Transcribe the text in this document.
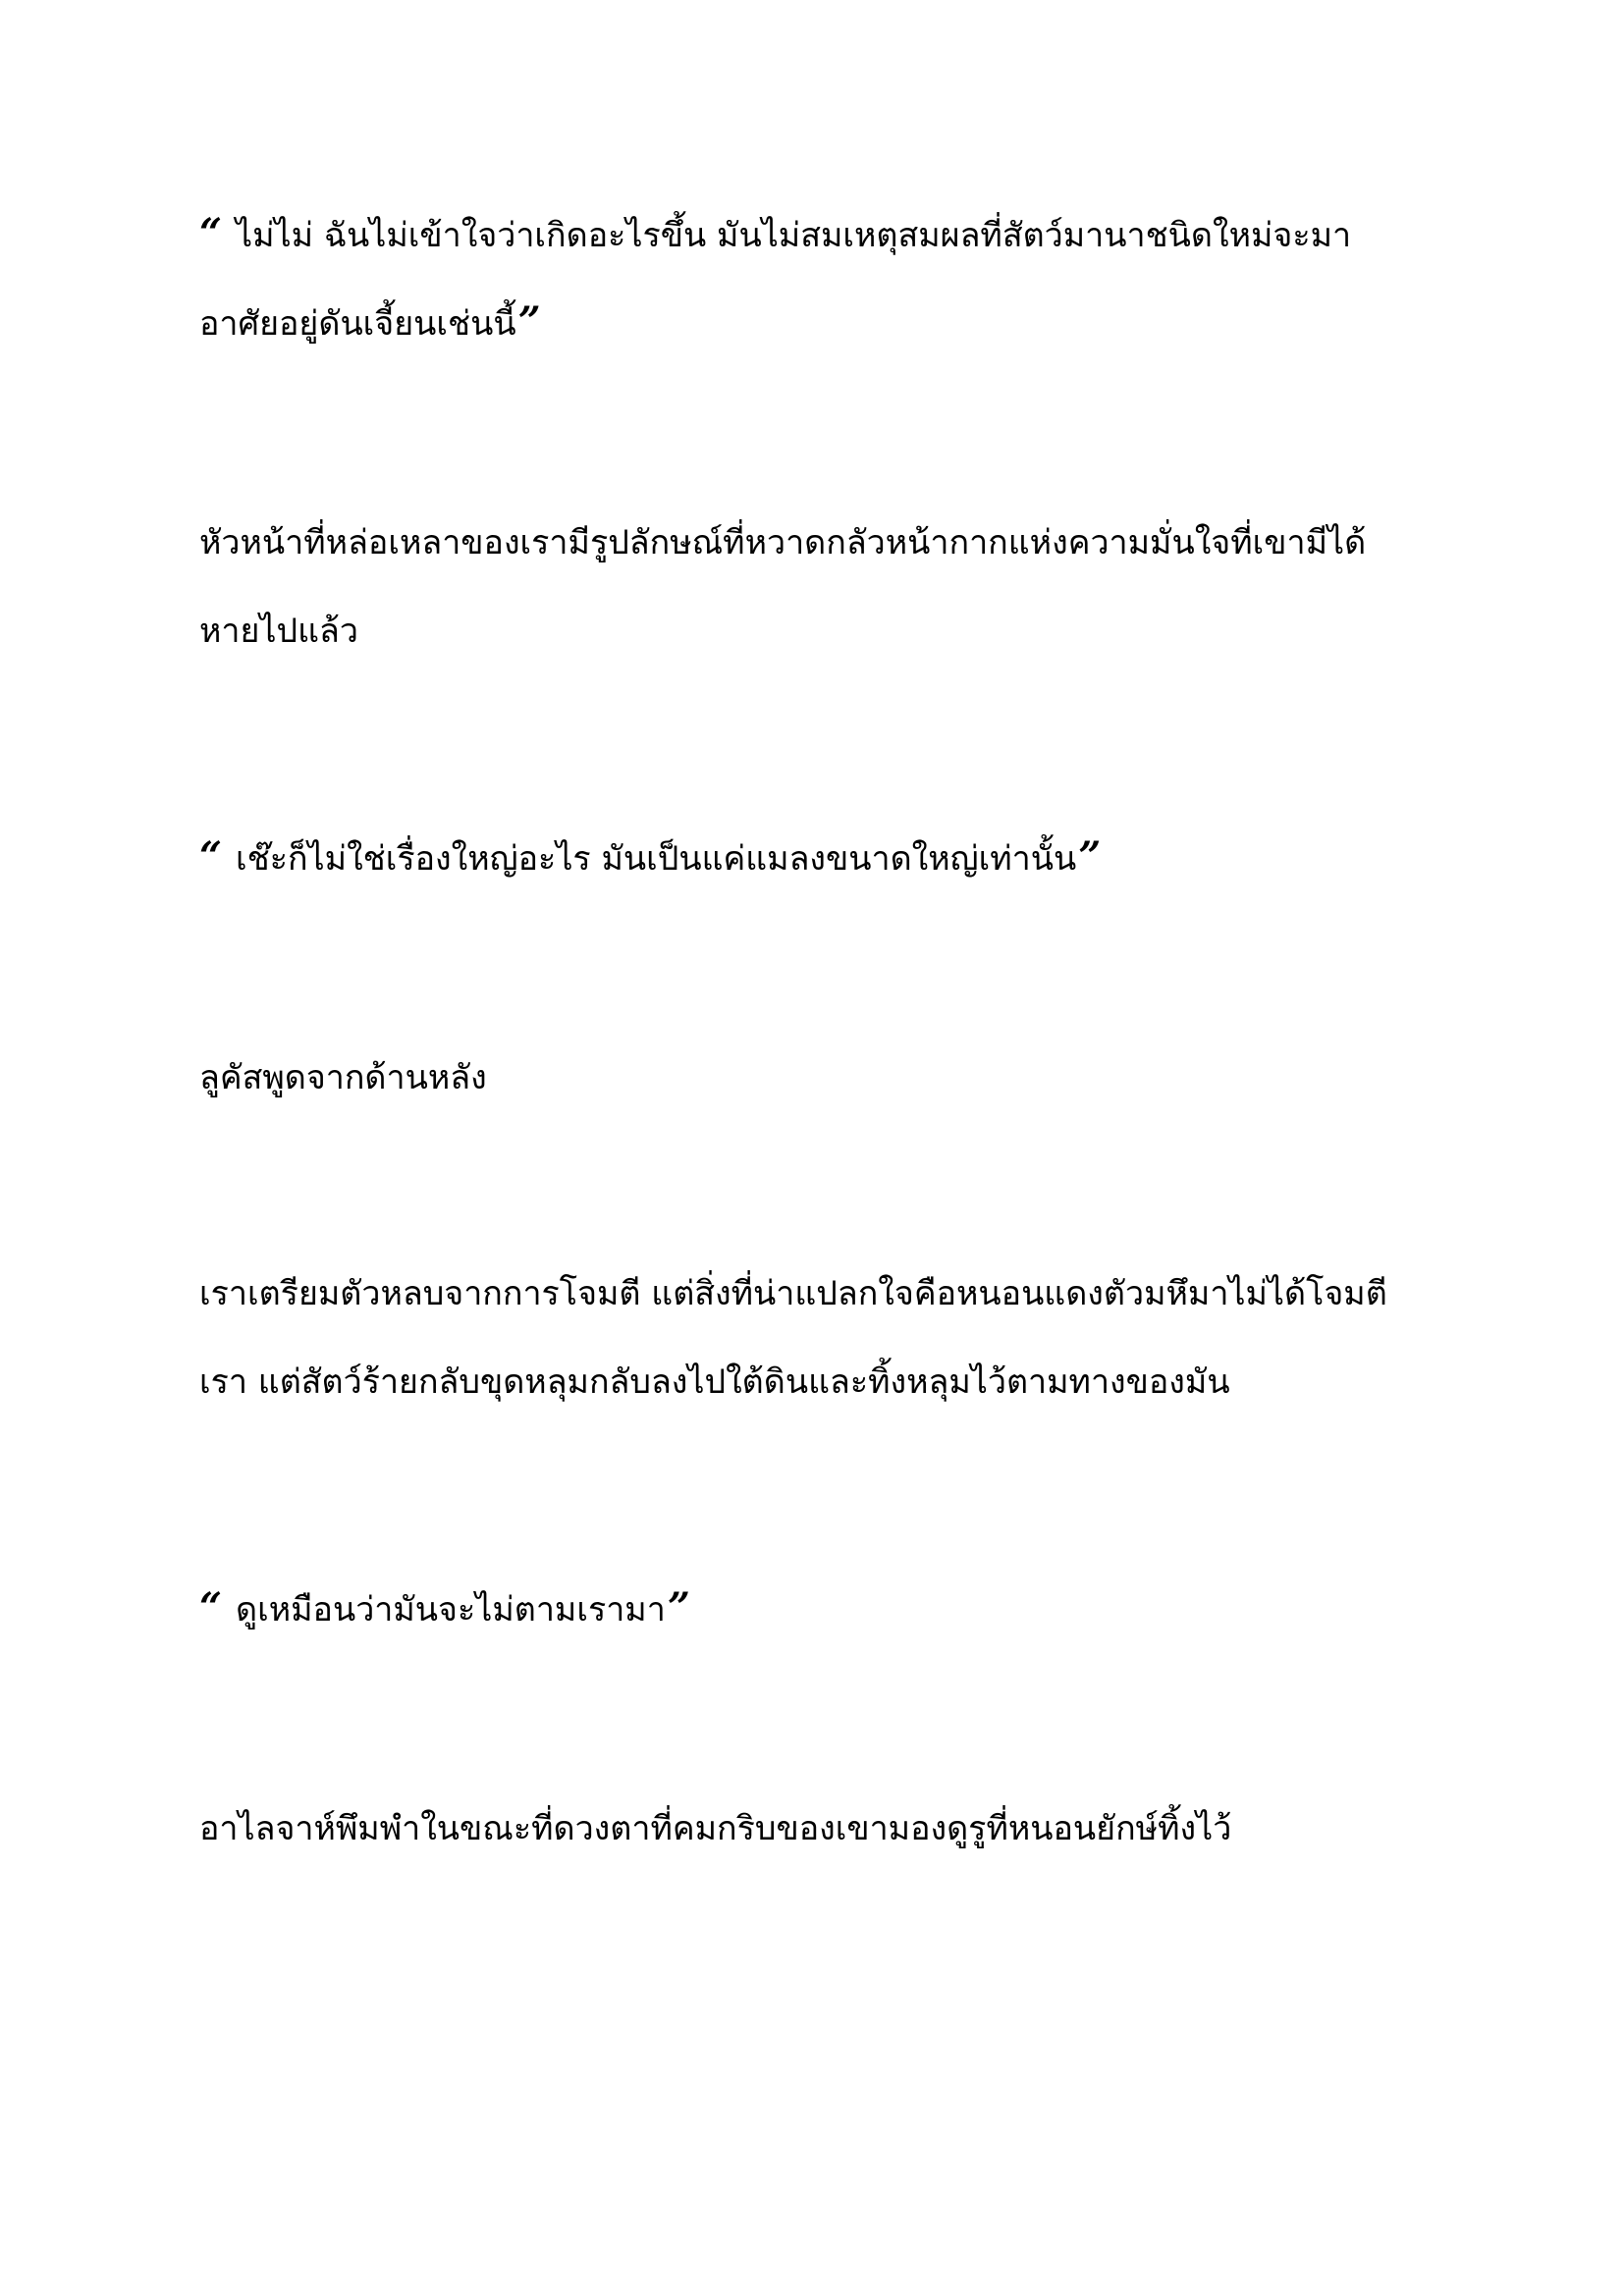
“ ไม่ไม่ ฉันไม่เข้าใจว่าเกิดอะไรขึ้น มันไม่สมเหตุสมผลที่สัตว์มานาชนิดใหม่จะมา

อาศัยอยู่ดันเจี้ยนเช่นนี้”

หัวหน้าที่หล่อเหลาของเรามีรูปลักษณ์ที่หวาดกลัวหน้ากากแห่งความมั่นใจที่เขามีได้

หายไปแล้ว

“ เช๊ะก็ไม่ใช่เรื่องใหญ่อะไร มันเป็นแค่แมลงขนาดใหญ่เท่านั้น”

ลูคัสพูดจากด้านหลัง

เราเตรียมตัวหลบจากการโจมตี แต่สิ่งที่น่าแปลกใจคือหนอนแดงตัวมหึมาไม่ได้โจมตี

เรา แต่สัตว์ร้ายกลับขุดหลุมกลับลงไปใต้ดินและทิ้งหลุมไว้ตามทางของมัน

“ ดูเหมือนว่ามันจะไม่ตามเรามา”

อาไลจาห์พึมพำในขณะที่ดวงตาที่คมกริบของเขามองดูรูที่หนอนยักษ์ทิ้งไว้
